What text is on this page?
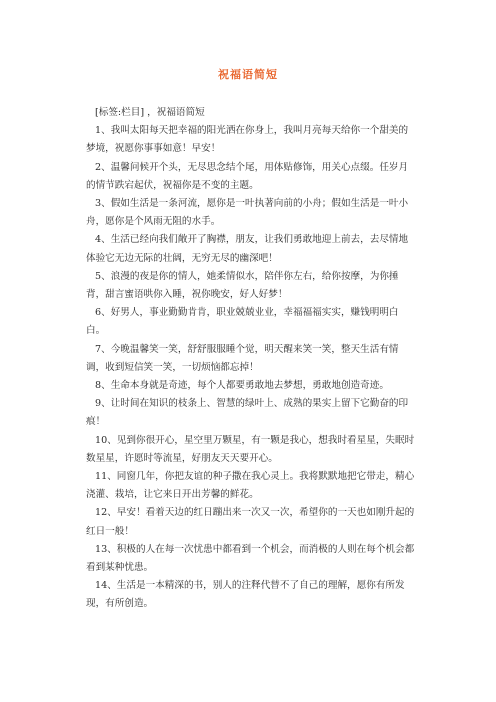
祝福语简短

[标签:栏目] ，祝福语简短

1、我叫太阳每天把幸福的阳光洒在你身上，我叫月亮每天给你一个甜美的梦境，祝愿你事事如意！早安！

2、温馨问候开个头，无尽思念结个尾，用体贴修饰，用关心点缀。任岁月的情节跌宕起伏，祝福你是不变的主题。

3、假如生活是一条河流，愿你是一叶执著向前的小舟；假如生活是一叶小舟，愿你是个风雨无阻的水手。

4、生活已经向我们敞开了胸襟，朋友，让我们勇敢地迎上前去，去尽情地体验它无边无际的壮阔，无穷无尽的幽深吧！

5、浪漫的夜是你的情人，她柔情似水，陪伴你左右，给你按摩，为你捶背，甜言蜜语哄你入睡，祝你晚安，好人好梦！

6、好男人，事业勤勤肯肯，职业兢兢业业，幸福福福实实，赚钱明明白白。

7、今晚温馨笑一笑，舒舒服服睡个觉，明天醒来笑一笑，整天生活有情调，收到短信笑一笑，一切烦恼都忘掉！

8、生命本身就是奇迹，每个人都要勇敢地去梦想，勇敢地创造奇迹。

9、让时间在知识的枝条上、智慧的绿叶上、成熟的果实上留下它勤奋的印痕！

10、见到你很开心，星空里万颗星，有一颗是我心，想我时看星星，失眠时数星星，许愿时等流星，好朋友天天要开心。

11、同窗几年，你把友谊的种子撒在我心灵上。我将默默地把它带走，精心浇灌、栽培，让它来日开出芳馨的鲜花。

12、早安！看着天边的红日蹦出来一次又一次，希望你的一天也如刚升起的红日一般！

13、积极的人在每一次忧患中都看到一个机会，而消极的人则在每个机会都看到某种忧患。

14、生活是一本精深的书，别人的注释代替不了自己的理解，愿你有所发现，有所创造。
